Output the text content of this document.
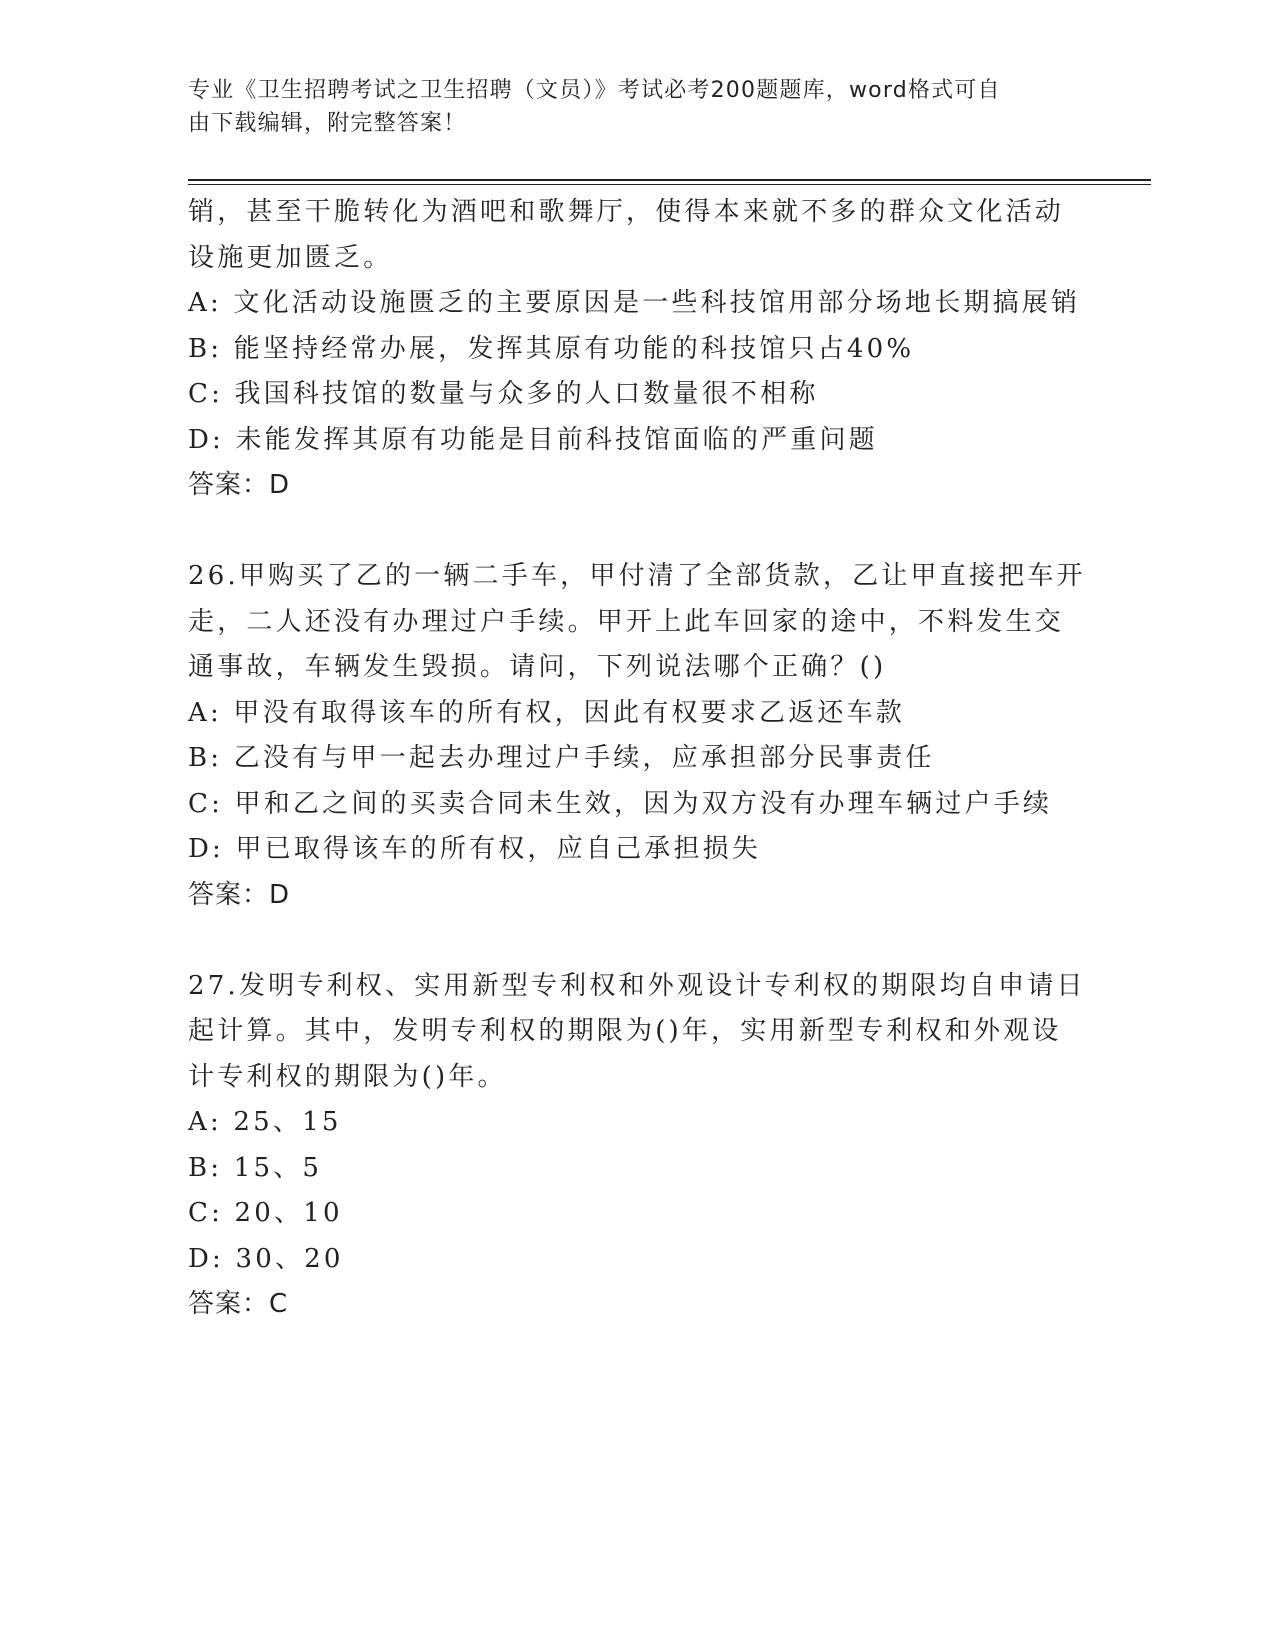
专业《卫生招聘考试之卫生招聘（文员）》考试必考200题题库，word格式可自
由下载编辑，附完整答案！
销，甚至干脆转化为酒吧和歌舞厅，使得本来就不多的群众文化活动
设施更加匮乏。
A: 文化活动设施匮乏的主要原因是一些科技馆用部分场地长期搞展销
B: 能坚持经常办展，发挥其原有功能的科技馆只占40%
C: 我国科技馆的数量与众多的人口数量很不相称
D: 未能发挥其原有功能是目前科技馆面临的严重问题
答案：D
26.甲购买了乙的一辆二手车，甲付清了全部货款，乙让甲直接把车开
走，二人还没有办理过户手续。甲开上此车回家的途中，不料发生交
通事故，车辆发生毁损。请问，下列说法哪个正确？()
A: 甲没有取得该车的所有权，因此有权要求乙返还车款
B: 乙没有与甲一起去办理过户手续，应承担部分民事责任
C: 甲和乙之间的买卖合同未生效，因为双方没有办理车辆过户手续
D: 甲已取得该车的所有权，应自己承担损失
答案：D
27.发明专利权、实用新型专利权和外观设计专利权的期限均自申请日
起计算。其中，发明专利权的期限为()年，实用新型专利权和外观设
计专利权的期限为()年。
A: 25、15
B: 15、5
C: 20、10
D: 30、20
答案：C
